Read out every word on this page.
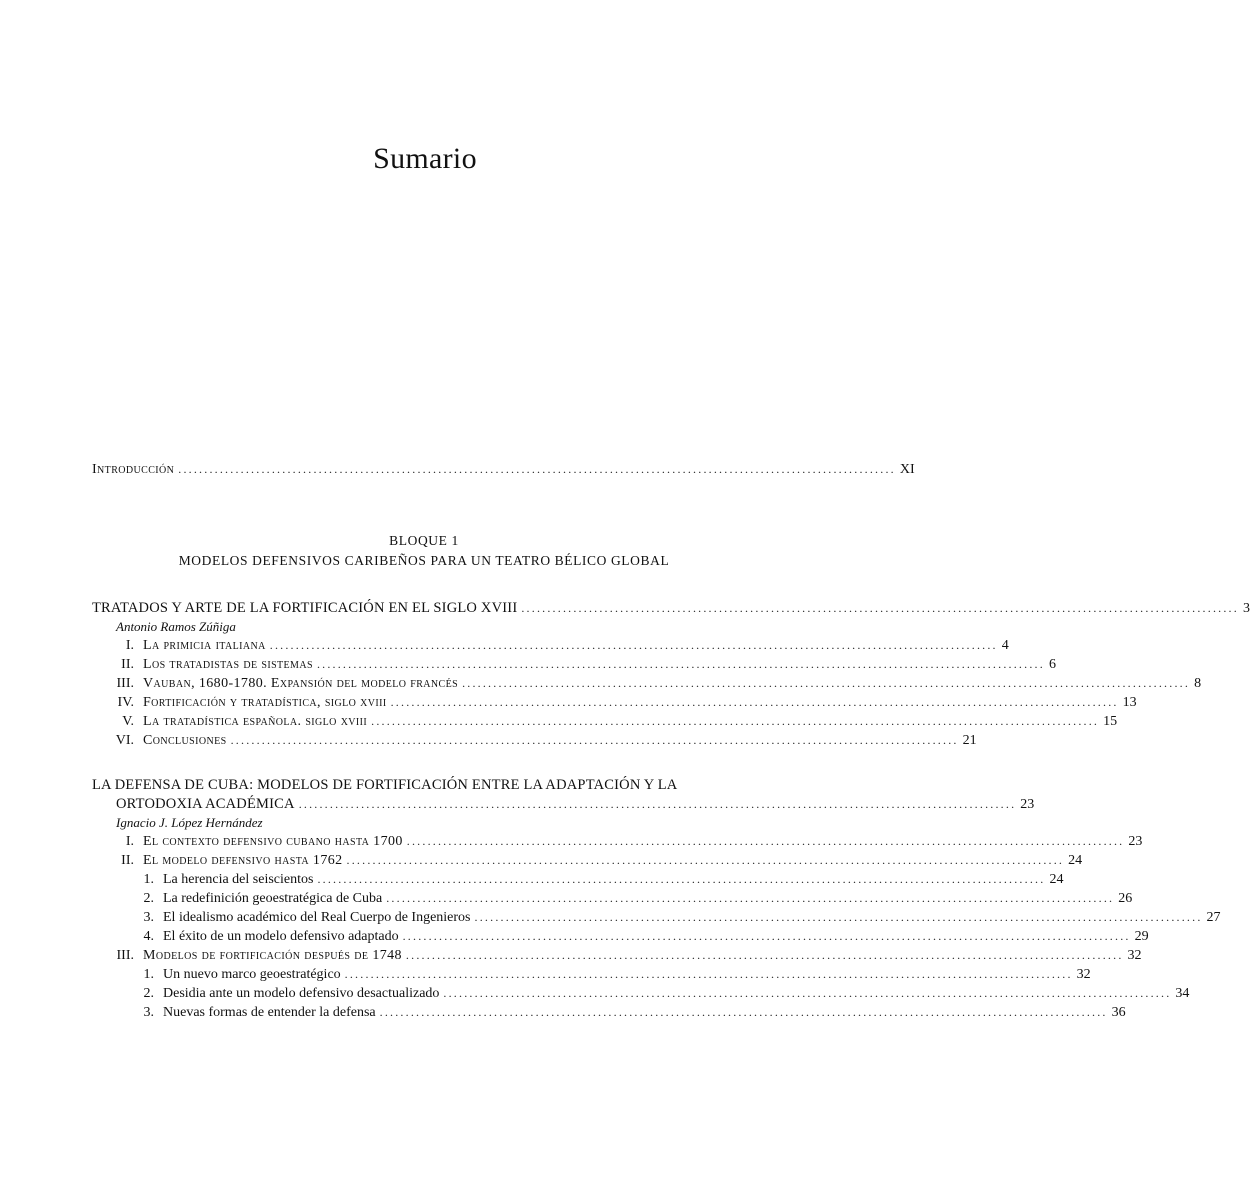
Sumario
Introducción .......................................................................................................................................... XI
BLOQUE 1
MODELOS DEFENSIVOS CARIBEÑOS PARA UN TEATRO BÉLICO GLOBAL
TRATADOS Y ARTE DE LA FORTIFICACIÓN EN EL SIGLO XVIII .......................................................................................................................................... 3
Antonio Ramos Zúñiga
I. La primicia italiana ............................................................................................................................................ 4
II. Los tratadistas de sistemas ............................................................................................................................................ 6
III. Vauban, 1680-1780. Expansión del modelo francés ............................................................................................................................................ 8
IV. Fortificación y tratadística, siglo xviii ............................................................................................................................................ 13
V. La tratadística española. siglo xviii ............................................................................................................................................ 15
VI. Conclusiones ............................................................................................................................................ 21
LA DEFENSA DE CUBA: MODELOS DE FORTIFICACIÓN ENTRE LA ADAPTACIÓN Y LA
ORTODOXIA ACADÉMICA .......................................................................................................................................... 23
Ignacio J. López Hernández
I. El contexto defensivo cubano hasta 1700 .......................................................................................................................................... 23
II. El modelo defensivo hasta 1762 .......................................................................................................................................... 24
1. La herencia del seiscientos ............................................................................................................................................ 24
2. La redefinición geoestratégica de Cuba ............................................................................................................................................ 26
3. El idealismo académico del Real Cuerpo de Ingenieros ............................................................................................................................................ 27
4. El éxito de un modelo defensivo adaptado ............................................................................................................................................ 29
III. Modelos de fortificación después de 1748 .......................................................................................................................................... 32
1. Un nuevo marco geoestratégico ............................................................................................................................................ 32
2. Desidia ante un modelo defensivo desactualizado ............................................................................................................................................ 34
3. Nuevas formas de entender la defensa ............................................................................................................................................ 36
